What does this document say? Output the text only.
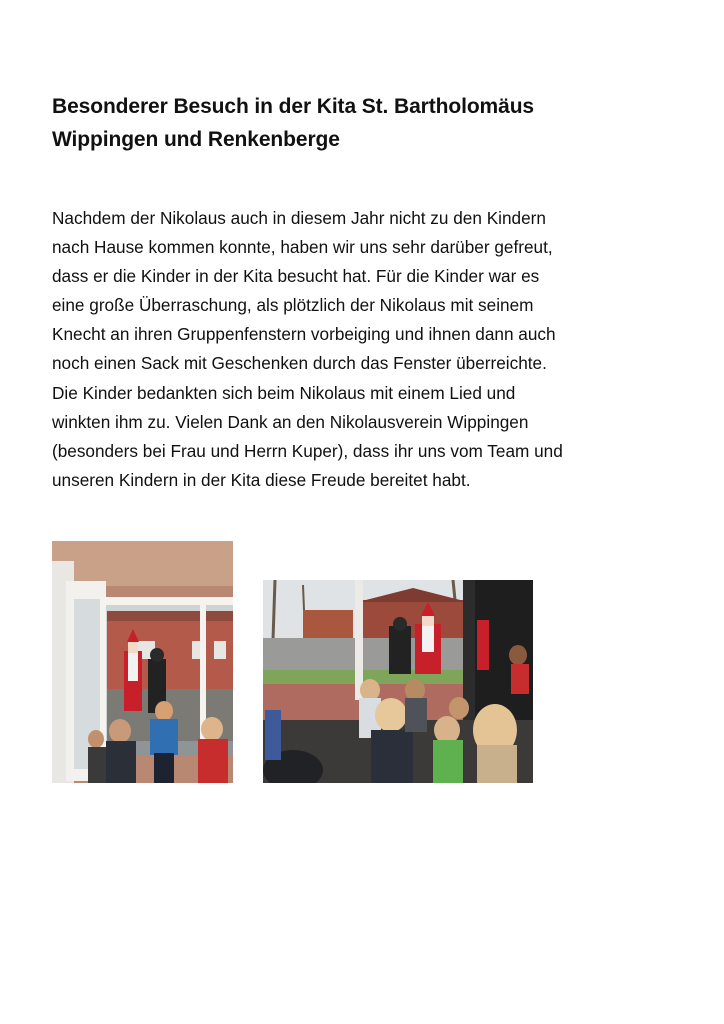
Besonderer Besuch in der Kita St. Bartholomäus
Wippingen und Renkenberge

Nachdem der Nikolaus auch in diesem Jahr nicht zu den Kindern
nach Hause kommen konnte, haben wir uns sehr darüber gefreut,
dass er die Kinder in der Kita besucht hat. Für die Kinder war es
eine große Überraschung, als plötzlich der Nikolaus mit seinem
Knecht an ihren Gruppenfenstern vorbeiging und ihnen dann auch
noch einen Sack mit Geschenken durch das Fenster überreichte.
Die Kinder bedankten sich beim Nikolaus mit einem Lied und
winkten ihm zu. Vielen Dank an den Nikolausverein Wippingen
(besonders bei Frau und Herrn Kuper), dass ihr uns vom Team und
unseren Kindern in der Kita diese Freude bereitet habt.
